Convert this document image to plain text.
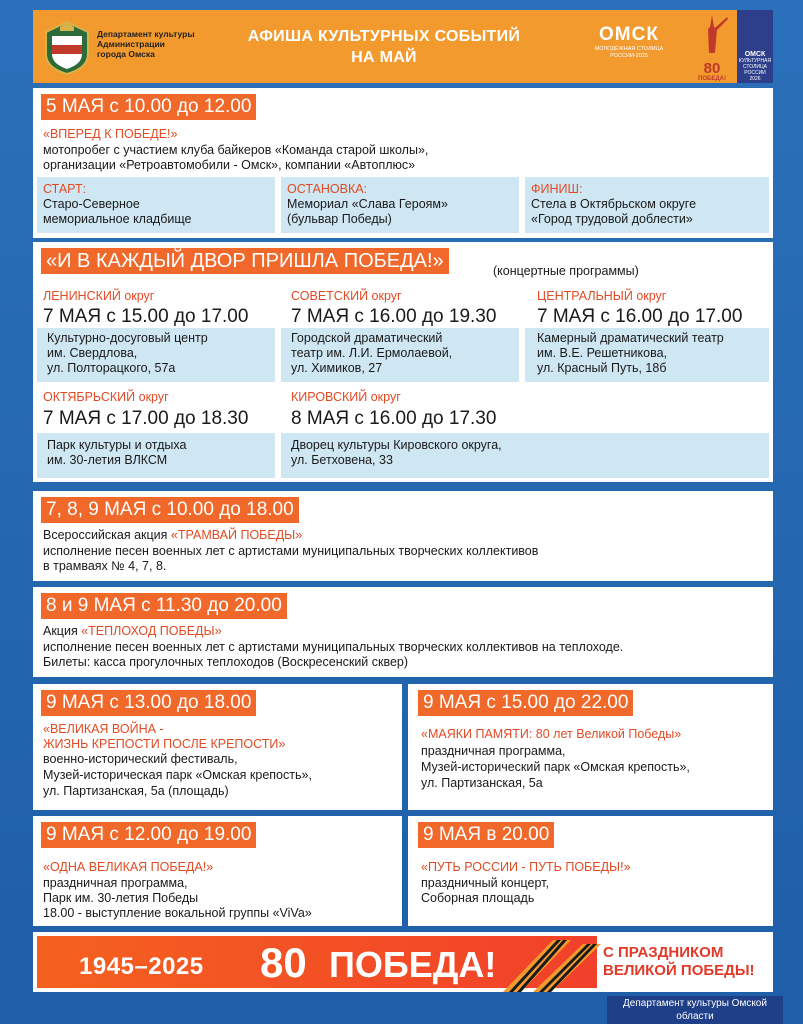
Департамент культуры
Администрации
города Омска
АФИША КУЛЬТУРНЫХ СОБЫТИЙ
НА МАЙ
ОМСК
МОЛОДЁЖНАЯ СТОЛИЦА
РОССИИ-2025
80
ПОБЕДА!
ОМСК
КУЛЬТУРНАЯ
СТОЛИЦА
РОССИИ
2026
5 МАЯ с 10.00 до 12.00
«ВПЕРЕД К ПОБЕДЕ!»
мотопробег с участием клуба байкеров «Команда старой школы»,
организации «Ретроавтомобили - Омск», компании «Автоплюс»
СТАРТ:
Старо-Северное
мемориальное кладбище
ОСТАНОВКА:
Мемориал «Слава Героям»
(бульвар Победы)
ФИНИШ:
Стела в Октябрьском округе
«Город трудовой доблести»
«И В КАЖДЫЙ ДВОР ПРИШЛА ПОБЕДА!»	(концертные программы)
ЛЕНИНСКИЙ округ
7 МАЯ с 15.00 до 17.00
Культурно-досуговый центр
им. Свердлова,
ул. Полторацкого, 57а
СОВЕТСКИЙ округ
7 МАЯ с 16.00 до 19.30
Городской драматический
театр им. Л.И. Ермолаевой,
ул. Химиков, 27
ЦЕНТРАЛЬНЫЙ округ
7 МАЯ с 16.00 до 17.00
Камерный драматический театр
им. В.Е. Решетникова,
ул. Красный Путь, 18б
ОКТЯБРЬСКИЙ округ
7 МАЯ с 17.00 до 18.30
Парк культуры и отдыха
им. 30-летия ВЛКСМ
КИРОВСКИЙ округ
8 МАЯ с 16.00 до 17.30
Дворец культуры Кировского округа,
ул. Бетховена, 33
7, 8, 9 МАЯ с 10.00 до 18.00
Всероссийская акция «ТРАМВАЙ ПОБЕДЫ»
исполнение песен военных лет с артистами муниципальных творческих коллективов
в трамваях № 4, 7, 8.
8 и 9 МАЯ с 11.30 до 20.00
Акция «ТЕПЛОХОД ПОБЕДЫ»
исполнение песен военных лет с артистами муниципальных творческих коллективов на теплоходе.
Билеты: касса прогулочных теплоходов (Воскресенский сквер)
9 МАЯ с 13.00 до 18.00
«ВЕЛИКАЯ ВОЙНА -
ЖИЗНЬ КРЕПОСТИ ПОСЛЕ КРЕПОСТИ»
военно-исторический фестиваль,
Музей-историческая парк «Омская крепость»,
ул. Партизанская, 5а (площадь)
9 МАЯ с 15.00 до 22.00
«МАЯКИ ПАМЯТИ: 80 лет Великой Победы»
праздничная программа,
Музей-исторический парк «Омская крепость»,
ул. Партизанская, 5а
9 МАЯ с 12.00 до 19.00
«ОДНА ВЕЛИКАЯ ПОБЕДА!»
праздничная программа,
Парк им. 30-летия Победы
18.00 - выступление вокальной группы «ViVa»
9 МАЯ в 20.00
«ПУТЬ РОССИИ - ПУТЬ ПОБЕДЫ!»
праздничный концерт,
Соборная площадь
1945–2025 80 ПОБЕДА!	С ПРАЗДНИКОМ
ВЕЛИКОЙ ПОБЕДЫ!
Департамент культуры Омской
области
